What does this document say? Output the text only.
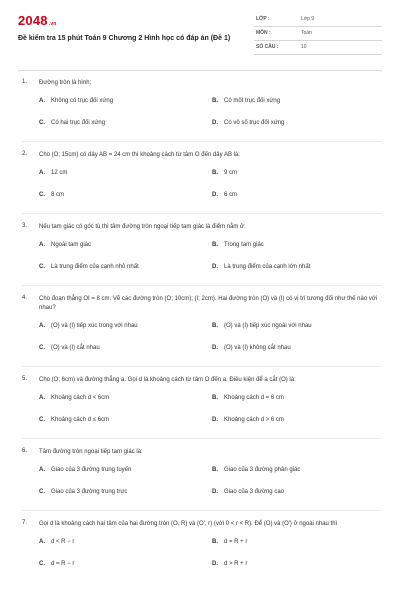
2048.vn
Đề kiểm tra 15 phút Toán 9 Chương 2 Hình học có đáp án (Đề 1)
LỚP :	Lớp 9
MÔN :	Toán
SỐ CÂU :	10
1. Đường tròn là hình:
A. Không có trục đối xứng	B. Có một trục đối xứng
C. Có hai trục đối xứng	D. Có vô số trục đối xứng
2. Cho (O; 15cm) có dây AB = 24 cm thì khoảng cách từ tâm O đến dây AB là:
A. 12 cm	B. 9 cm
C. 8 cm	D. 6 cm
3. Nếu tam giác có góc tù thì tâm đường tròn ngoại tiếp tam giác là điểm nằm ở:
A. Ngoài tam giác	B. Trong tam giác
C. Là trung điểm của cạnh nhỏ nhất	D. Là trung điểm của cạnh lớn nhất
4. Cho đoạn thẳng OI = 8 cm. Vẽ các đường tròn (O; 10cm); (I; 2cm). Hai đường tròn (O) và (I) có vị trí tương đối như thế nào với nhau?
A. (O) và (I) tiếp xúc trong với nhau	B. (O) và (I) tiếp xúc ngoài với nhau
C. (O) và (I) cắt nhau	D. (O) và (I) không cắt nhau
5. Cho (O; 6cm) và đường thẳng a. Gọi d là khoảng cách từ tâm O đến a. Điều kiện để a cắt (O) là:
A. Khoảng cách d < 6cm	B. Khoảng cách d = 6 cm
C. Khoảng cách d ≤ 6cm	D. Khoảng cách d > 6 cm
6. Tâm đường tròn ngoại tiếp tam giác là:
A. Giao của 3 đường trung tuyến	B. Giao của 3 đường phân giác
C. Giao của 3 đường trung trực	D. Giao của 3 đường cao
7. Gọi d là khoảng cách hai tâm của hai đường tròn (O, R) và (O', r) (với 0 < r < R). Để (O) và (O') ở ngoài nhau thì
A. d < R − r	B. d = R + r
C. d = R − r	D. d > R + r
